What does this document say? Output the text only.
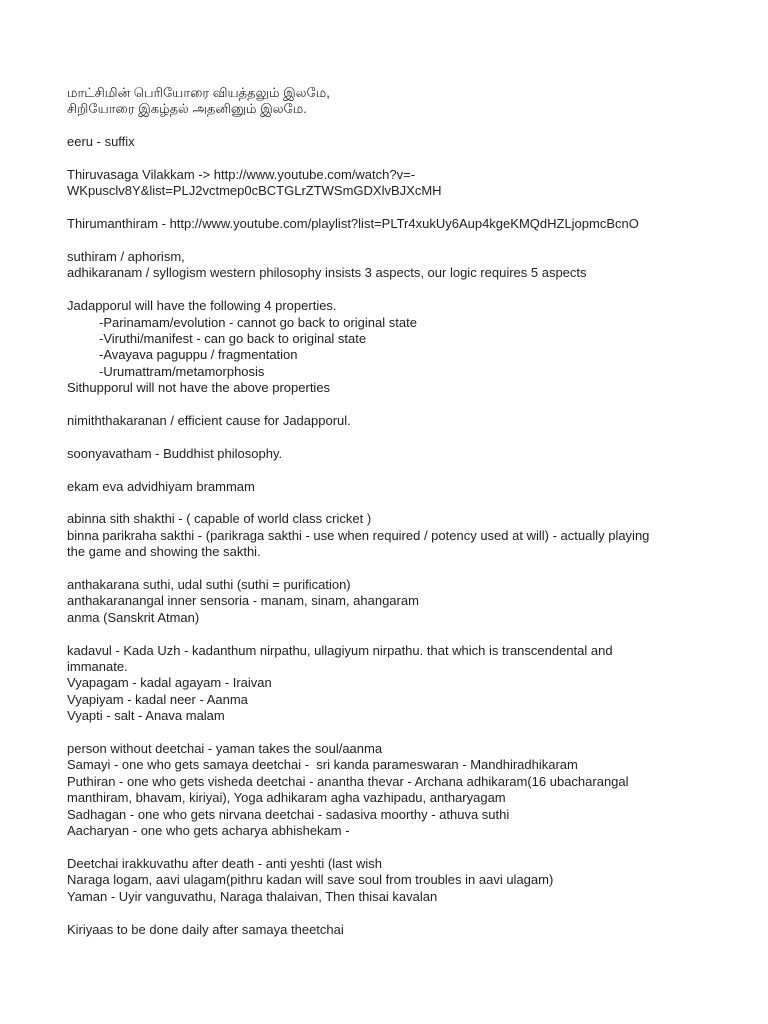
மாட்சிமின் பெரியோரை வியத்தலும் இலமே,
சிறியோரை இகழ்தல் அதனினும் இலமே.
eeru - suffix
Thiruvasaga Vilakkam -> http://www.youtube.com/watch?v=-
WKpusclv8Y&list=PLJ2vctmep0cBCTGLrZTWSmGDXlvBJXcMH
Thirumanthiram - http://www.youtube.com/playlist?list=PLTr4xukUy6Aup4kgeKMQdHZLjopmcBcnO
suthiram / aphorism,
adhikaranam / syllogism western philosophy insists 3 aspects, our logic requires 5 aspects
Jadapporul will have the following 4 properties.
-Parinamam/evolution - cannot go back to original state
-Viruthi/manifest - can go back to original state
-Avayava paguppu / fragmentation
-Urumattram/metamorphosis
Sithupporul will not have the above properties
nimiththakaranan / efficient cause for Jadapporul.
soonyavatham - Buddhist philosophy.
ekam eva advidhiyam brammam
abinna sith shakthi - ( capable of world class cricket )
binna parikraha sakthi - (parikraga sakthi - use when required / potency used at will) - actually playing
the game and showing the sakthi.
anthakarana suthi, udal suthi (suthi = purification)
anthakaranangal inner sensoria - manam, sinam, ahangaram
anma (Sanskrit Atman)
kadavul - Kada Uzh - kadanthum nirpathu, ullagiyum nirpathu. that which is transcendental and
immanate.
Vyapagam - kadal agayam - Iraivan
Vyapiyam - kadal neer - Aanma
Vyapti - salt - Anava malam
person without deetchai - yaman takes the soul/aanma
Samayi - one who gets samaya deetchai -  sri kanda parameswaran - Mandhiradhikaram
Puthiran - one who gets visheda deetchai - anantha thevar - Archana adhikaram(16 ubacharangal
manthiram, bhavam, kiriyai), Yoga adhikaram agha vazhipadu, antharyagam
Sadhagan - one who gets nirvana deetchai - sadasiva moorthy - athuva suthi
Aacharyan - one who gets acharya abhishekam -
Deetchai irakkuvathu after death - anti yeshti (last wish
Naraga logam, aavi ulagam(pithru kadan will save soul from troubles in aavi ulagam)
Yaman - Uyir vanguvathu, Naraga thalaivan, Then thisai kavalan
Kiriyaas to be done daily after samaya theetchai
